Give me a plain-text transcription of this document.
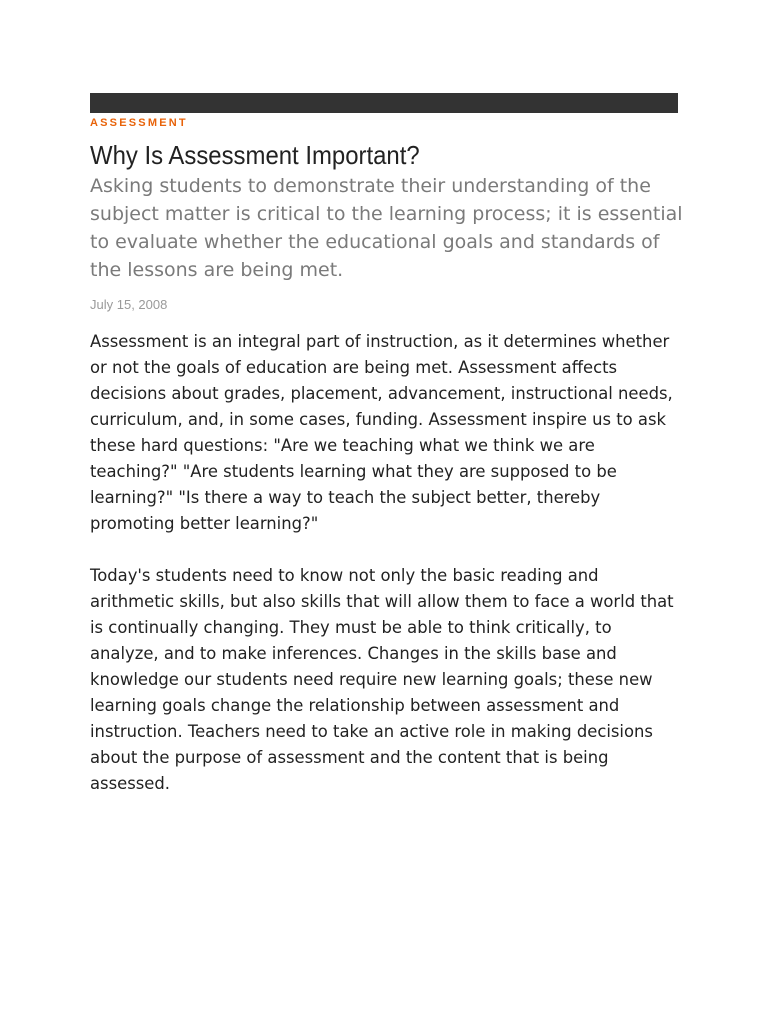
ASSESSMENT
Why Is Assessment Important?

Asking students to demonstrate their understanding of the subject matter is critical to the learning process; it is essential to evaluate whether the educational goals and standards of the lessons are being met.

July 15, 2008

Assessment is an integral part of instruction, as it determines whether or not the goals of education are being met. Assessment affects decisions about grades, placement, advancement, instructional needs, curriculum, and, in some cases, funding. Assessment inspire us to ask these hard questions: "Are we teaching what we think we are teaching?" "Are students learning what they are supposed to be learning?" "Is there a way to teach the subject better, thereby promoting better learning?"

Today's students need to know not only the basic reading and arithmetic skills, but also skills that will allow them to face a world that is continually changing. They must be able to think critically, to analyze, and to make inferences. Changes in the skills base and knowledge our students need require new learning goals; these new learning goals change the relationship between assessment and instruction. Teachers need to take an active role in making decisions about the purpose of assessment and the content that is being assessed.
